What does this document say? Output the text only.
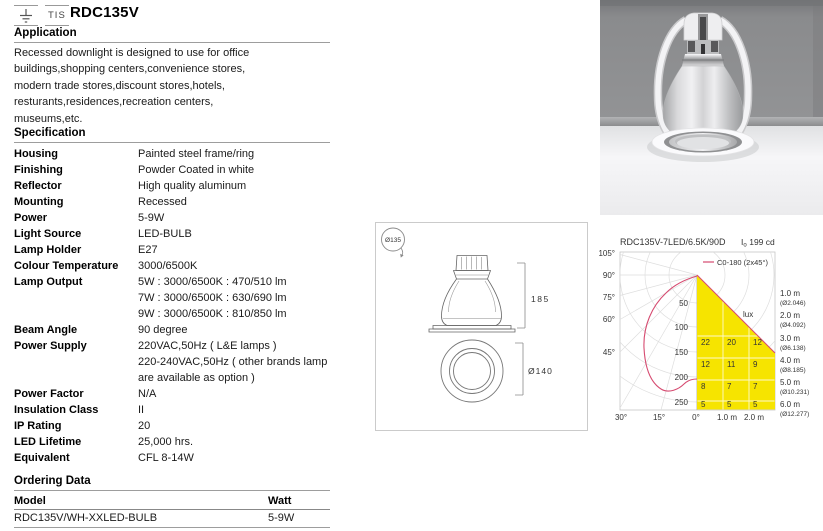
TIS RDC135V
Application
Recessed downlight is designed to use for office
buildings,shopping centers,convenience stores,
modern trade stores,discount stores,hotels,
resturants,residences,recreation centers,
museums,etc.
Specification
Housing	Painted steel frame/ring
Finishing	Powder Coated in white
Reflector	High quality aluminum
Mounting	Recessed
Power	5-9W
Light Source	LED-BULB
Lamp Holder	E27
Colour Temperature	3000/6500K
Lamp Output	5W : 3000/6500K : 470/510 lm
7W : 3000/6500K : 630/690 lm
9W : 3000/6500K : 810/850 lm
Beam Angle	90 degree
Power Supply	220VAC,50Hz ( L&E lamps )
220-240VAC,50Hz ( other brands lamp
are available as option )
Power Factor	N/A
Insulation Class	II
IP Rating	20
LED Lifetime	25,000 hrs.
Equivalent	CFL 8-14W
Ordering Data
Model	Watt
RDC135V/WH-XXLED-BULB	5-9W
Ø135
185
Ø140
RDC135V-7LED/6.5K/90D Io 199 cd
C0-180 (2x45°)
lux
50
100
150
200
250
105°
90°
75°
60°
45°
30°	15°	0° 1.0 m 2.0 m
22 20 12
12 11 9
8	7	7
5	5	5
1.0 m
(Ø2.046)
2.0 m
(Ø4.092)
3.0 m
(Ø6.138)
4.0 m
(Ø8.185)
5.0 m
(Ø10.231)
6.0 m
(Ø12.277)
